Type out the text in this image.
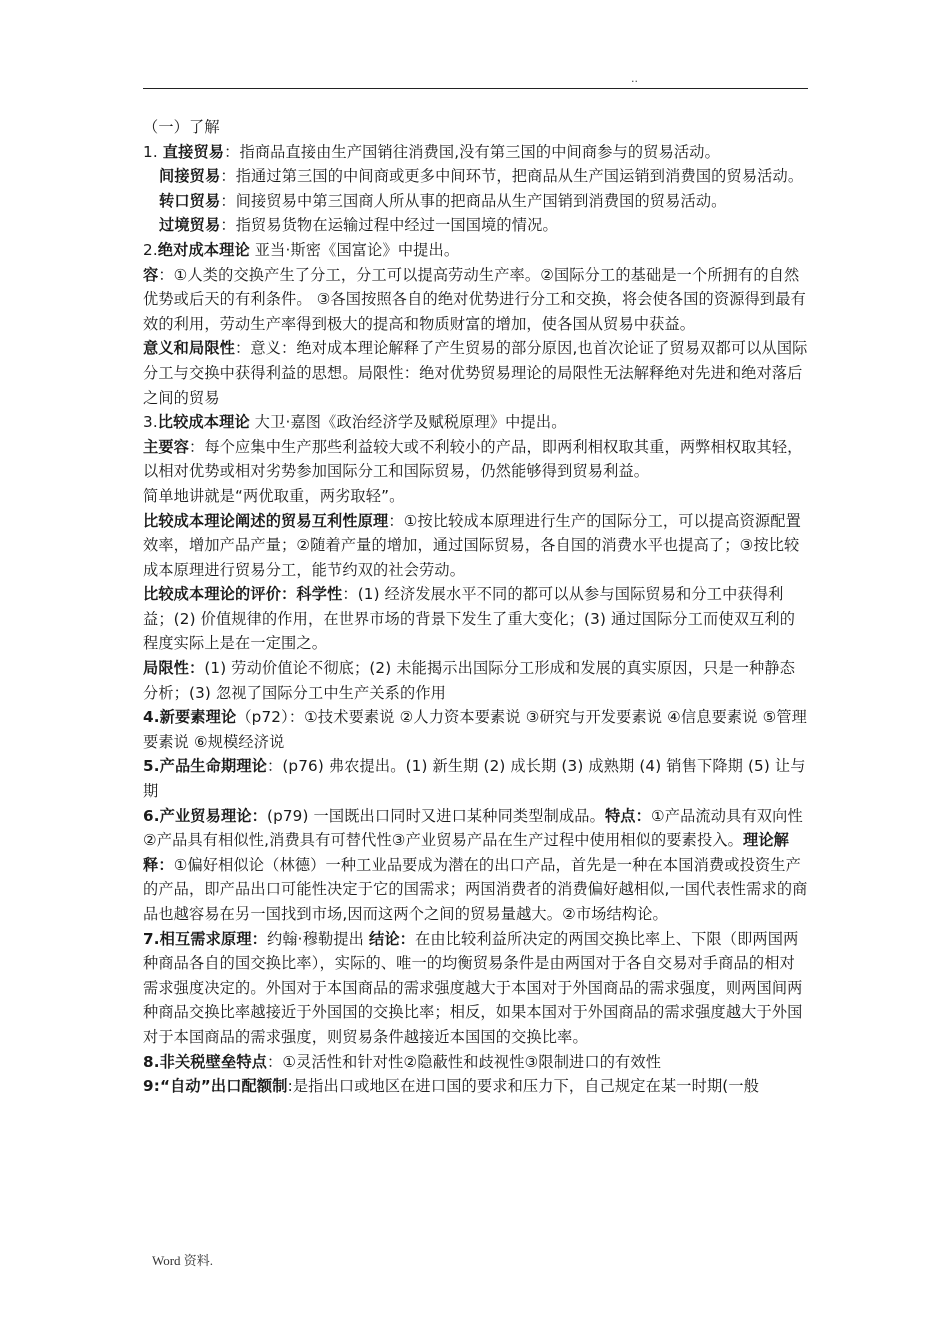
..

（一）了解

1. 直接贸易：指商品直接由生产国销往消费国,没有第三国的中间商参与的贸易活动。

间接贸易：指通过第三国的中间商或更多中间环节，把商品从生产国运销到消费国的贸易活动。

转口贸易：间接贸易中第三国商人所从事的把商品从生产国销到消费国的贸易活动。

过境贸易：指贸易货物在运输过程中经过一国国境的情况。

2.绝对成本理论 亚当·斯密《国富论》中提出。

容：①人类的交换产生了分工，分工可以提高劳动生产率。②国际分工的基础是一个所拥有的自然优势或后天的有利条件。 ③各国按照各自的绝对优势进行分工和交换，将会使各国的资源得到最有效的利用，劳动生产率得到极大的提高和物质财富的增加，使各国从贸易中获益。

意义和局限性：意义：绝对成本理论解释了产生贸易的部分原因,也首次论证了贸易双都可以从国际分工与交换中获得利益的思想。局限性：绝对优势贸易理论的局限性无法解释绝对先进和绝对落后之间的贸易

3.比较成本理论 大卫·嘉图《政治经济学及赋税原理》中提出。

主要容：每个应集中生产那些利益较大或不利较小的产品，即两利相权取其重，两弊相权取其轻，以相对优势或相对劣势参加国际分工和国际贸易，仍然能够得到贸易利益。

简单地讲就是“两优取重，两劣取轻”。

比较成本理论阐述的贸易互利性原理：①按比较成本原理进行生产的国际分工，可以提高资源配置效率，增加产品产量；②随着产量的增加，通过国际贸易，各自国的消费水平也提高了；③按比较成本原理进行贸易分工，能节约双的社会劳动。

比较成本理论的评价：科学性：(1) 经济发展水平不同的都可以从参与国际贸易和分工中获得利益；(2) 价值规律的作用，在世界市场的背景下发生了重大变化；(3) 通过国际分工而使双互利的程度实际上是在一定围之。

局限性：(1) 劳动价值论不彻底；(2) 未能揭示出国际分工形成和发展的真实原因，只是一种静态分析；(3) 忽视了国际分工中生产关系的作用

4.新要素理论（p72）：①技术要素说 ②人力资本要素说 ③研究与开发要素说 ④信息要素说 ⑤管理要素说 ⑥规模经济说

5.产品生命期理论：(p76) 弗农提出。(1) 新生期 (2) 成长期 (3) 成熟期 (4) 销售下降期 (5) 让与期

6.产业贸易理论：(p79) 一国既出口同时又进口某种同类型制成品。特点：①产品流动具有双向性②产品具有相似性,消费具有可替代性③产业贸易产品在生产过程中使用相似的要素投入。理论解释：①偏好相似论（林德）一种工业品要成为潜在的出口产品，首先是一种在本国消费或投资生产的产品，即产品出口可能性决定于它的国需求；两国消费者的消费偏好越相似,一国代表性需求的商品也越容易在另一国找到市场,因而这两个之间的贸易量越大。②市场结构论。

7.相互需求原理：约翰·穆勒提出 结论：在由比较利益所决定的两国交换比率上、下限（即两国两种商品各自的国交换比率），实际的、唯一的均衡贸易条件是由两国对于各自交易对手商品的相对需求强度决定的。外国对于本国商品的需求强度越大于本国对于外国商品的需求强度，则两国间两种商品交换比率越接近于外国国的交换比率；相反，如果本国对于外国商品的需求强度越大于外国对于本国商品的需求强度，则贸易条件越接近本国国的交换比率。

8.非关税壁垒特点：①灵活性和针对性②隐蔽性和歧视性③限制进口的有效性

9:“自动”出口配额制:是指出口或地区在进口国的要求和压力下，自己规定在某一时期(一般

Word 资料.
